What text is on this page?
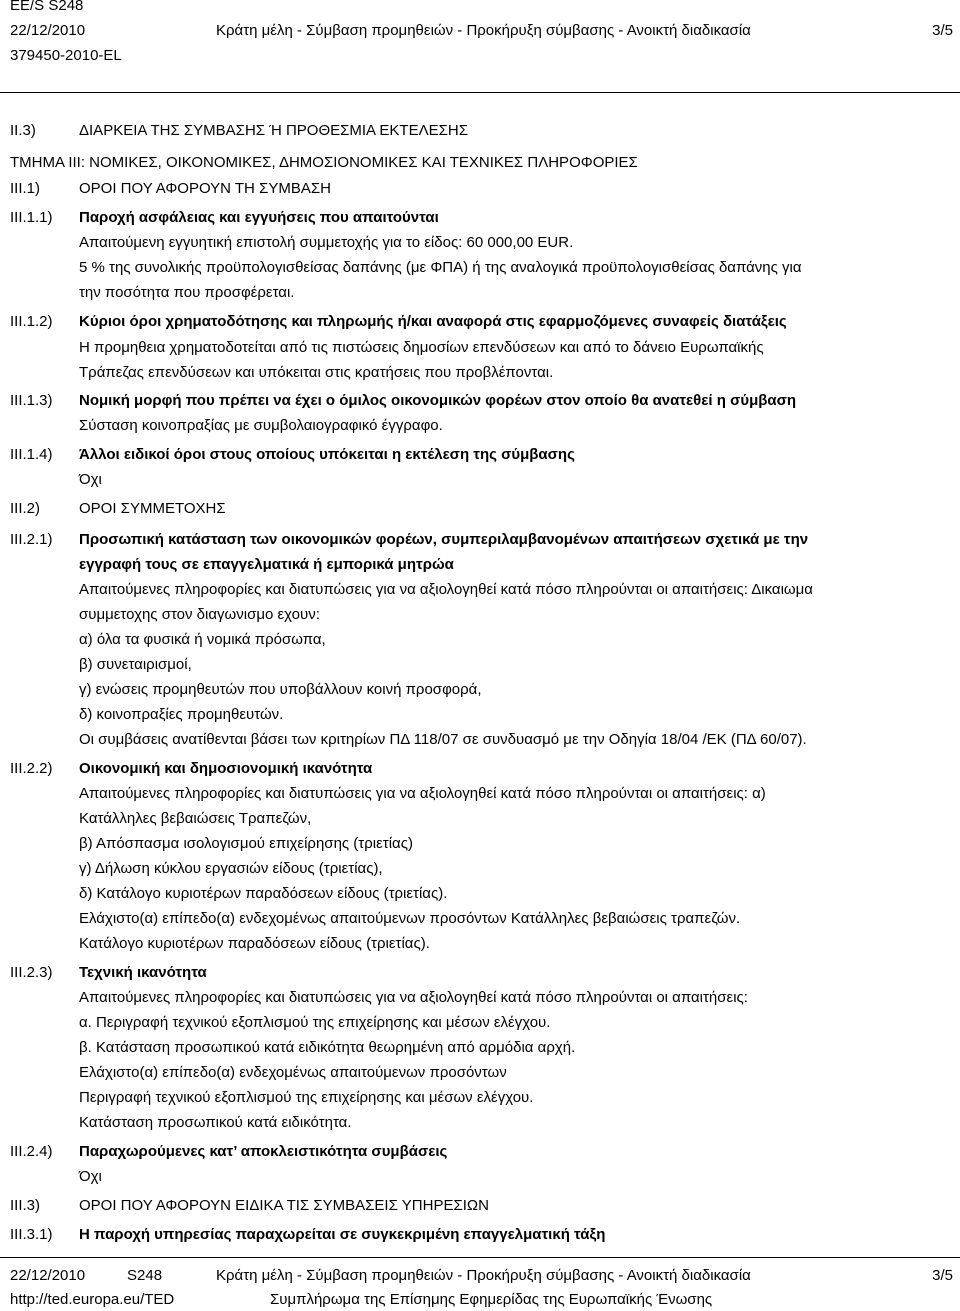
EE/S S248
22/12/2010	Κράτη μέλη - Σύμβαση προμηθειών - Προκήρυξη σύμβασης - Ανοικτή διαδικασία	3/5
379450-2010-EL
II.3)	ΔΙΑΡΚΕΙΑ ΤΗΣ ΣΥΜΒΑΣΗΣ Ή ΠΡΟΘΕΣΜΙΑ ΕΚΤΕΛΕΣΗΣ
ΤΜΗΜΑ III: ΝΟΜΙΚΕΣ, ΟΙΚΟΝΟΜΙΚΕΣ, ΔΗΜΟΣΙΟΝΟΜΙΚΕΣ ΚΑΙ ΤΕΧΝΙΚΕΣ ΠΛΗΡΟΦΟΡΙΕΣ
III.1)	ΟΡΟΙ ΠΟΥ ΑΦΟΡΟΥΝ ΤΗ ΣΥΜΒΑΣΗ
III.1.1) Παροχή ασφάλειας και εγγυήσεις που απαιτούνται
Απαιτούμενη εγγυητική επιστολή συμμετοχής για το είδος: 60 000,00 EUR.
5 % της συνολικής προϋπολογισθείσας δαπάνης (με ΦΠΑ) ή της αναλογικά προϋπολογισθείσας δαπάνης για
την ποσότητα που προσφέρεται.
III.1.2) Κύριοι όροι χρηματοδότησης και πληρωμής ή/και αναφορά στις εφαρμοζόμενες συναφείς διατάξεις
Η προμηθεια χρηματοδοτείται από τις πιστώσεις δημοσίων επενδύσεων και από το δάνειο Ευρωπαϊκής
Τράπεζας επενδύσεων και υπόκειται στις κρατήσεις που προβλέπονται.
III.1.3) Νομική μορφή που πρέπει να έχει ο όμιλος οικονομικών φορέων στον οποίο θα ανατεθεί η σύμβαση
Σύσταση κοινοπραξίας με συμβολαιογραφικό έγγραφο.
III.1.4) Άλλοι ειδικοί όροι στους οποίους υπόκειται η εκτέλεση της σύμβασης
Όχι
III.2)	ΟΡΟΙ ΣΥΜΜΕΤΟΧΗΣ
III.2.1) Προσωπική κατάσταση των οικονομικών φορέων, συμπεριλαμβανομένων απαιτήσεων σχετικά με την
εγγραφή τους σε επαγγελματικά ή εμπορικά μητρώα
Απαιτούμενες πληροφορίες και διατυπώσεις για να αξιολογηθεί κατά πόσο πληρούνται οι απαιτήσεις: Δικαιωμα
συμμετοχης στον διαγωνισμο εχουν:
α) όλα τα φυσικά ή νομικά πρόσωπα,
β) συνεταιρισμοί,
γ) ενώσεις προμηθευτών που υποβάλλουν κοινή προσφορά,
δ) κοινοπραξίες προμηθευτών.
Οι συμβάσεις ανατίθενται βάσει των κριτηρίων ΠΔ 118/07 σε συνδυασμό με την Οδηγία 18/04 /ΕΚ (ΠΔ 60/07).
III.2.2) Οικονομική και δημοσιονομική ικανότητα
Απαιτούμενες πληροφορίες και διατυπώσεις για να αξιολογηθεί κατά πόσο πληρούνται οι απαιτήσεις: α)
Κατάλληλες βεβαιώσεις Τραπεζών,
β) Απόσπασμα ισολογισμού επιχείρησης (τριετίας)
γ) Δήλωση κύκλου εργασιών είδους (τριετίας),
δ) Κατάλογο κυριοτέρων παραδόσεων είδους (τριετίας).
Ελάχιστο(α) επίπεδο(α) ενδεχομένως απαιτούμενων προσόντων Κατάλληλες βεβαιώσεις τραπεζών.
Κατάλογο κυριοτέρων παραδόσεων είδους (τριετίας).
III.2.3) Τεχνική ικανότητα
Απαιτούμενες πληροφορίες και διατυπώσεις για να αξιολογηθεί κατά πόσο πληρούνται οι απαιτήσεις:
α. Περιγραφή τεχνικού εξοπλισμού της επιχείρησης και μέσων ελέγχου.
β. Κατάσταση προσωπικού κατά ειδικότητα θεωρημένη από αρμόδια αρχή.
Ελάχιστο(α) επίπεδο(α) ενδεχομένως απαιτούμενων προσόντων
Περιγραφή τεχνικού εξοπλισμού της επιχείρησης και μέσων ελέγχου.
Κατάσταση προσωπικού κατά ειδικότητα.
III.2.4) Παραχωρούμενες κατ’ αποκλειστικότητα συμβάσεις
Όχι
III.3)	ΟΡΟΙ ΠΟΥ ΑΦΟΡΟΥΝ ΕΙΔΙΚΑ ΤΙΣ ΣΥΜΒΑΣΕΙΣ ΥΠΗΡΕΣΙΩΝ
III.3.1) Η παροχή υπηρεσίας παραχωρείται σε συγκεκριμένη επαγγελματική τάξη
22/12/2010	S248	Κράτη μέλη - Σύμβαση προμηθειών - Προκήρυξη σύμβασης - Ανοικτή διαδικασία	3/5
http://ted.europa.eu/TED	Συμπλήρωμα της Επίσημης Εφημερίδας της Ευρωπαϊκής Ένωσης
